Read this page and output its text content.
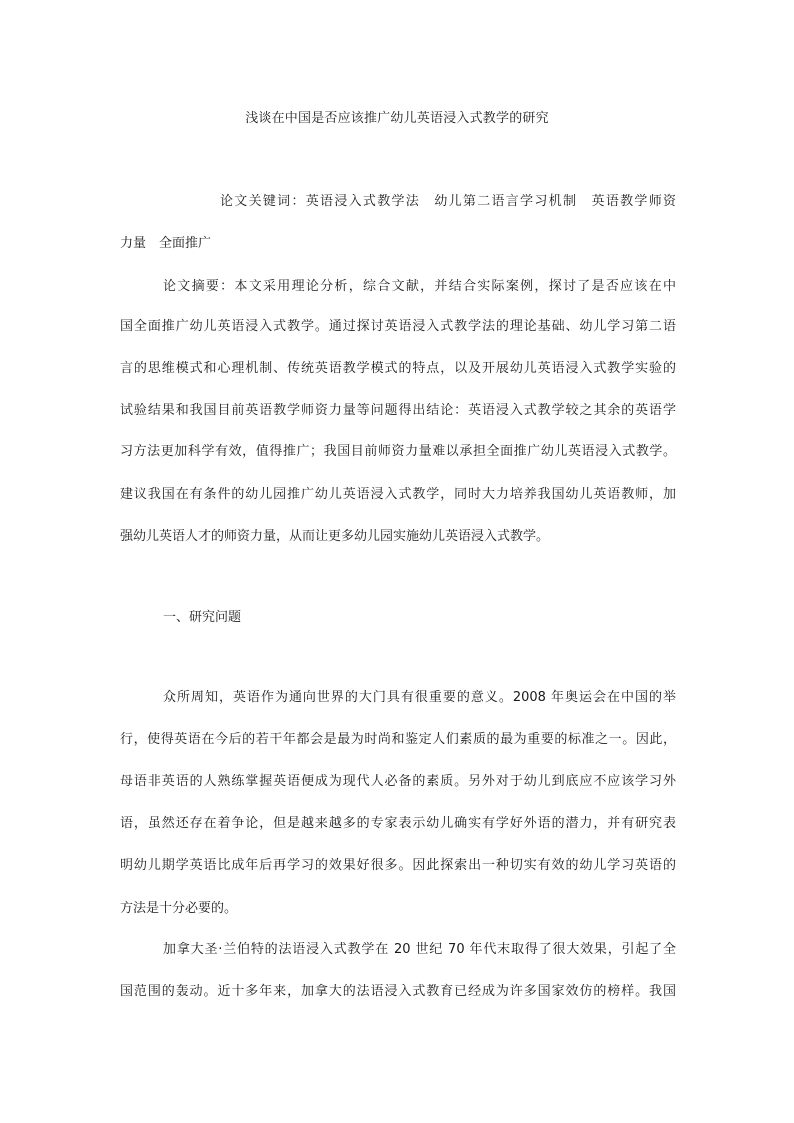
浅谈在中国是否应该推广幼儿英语浸入式教学的研究
论文关键词：英语浸入式教学法　幼儿第二语言学习机制　英语教学师资
力量　全面推广
论文摘要：本文采用理论分析，综合文献，并结合实际案例，探讨了是否应该在中
国全面推广幼儿英语浸入式教学。通过探讨英语浸入式教学法的理论基础、幼儿学习第二语
言的思维模式和心理机制、传统英语教学模式的特点，以及开展幼儿英语浸入式教学实验的
试验结果和我国目前英语教学师资力量等问题得出结论：英语浸入式教学较之其余的英语学
习方法更加科学有效，值得推广；我国目前师资力量难以承担全面推广幼儿英语浸入式教学。
建议我国在有条件的幼儿园推广幼儿英语浸入式教学，同时大力培养我国幼儿英语教师，加
强幼儿英语人才的师资力量，从而让更多幼儿园实施幼儿英语浸入式教学。
一、研究问题
众所周知，英语作为通向世界的大门具有很重要的意义。2008 年奥运会在中国的举
行，使得英语在今后的若干年都会是最为时尚和鉴定人们素质的最为重要的标准之一。因此，
母语非英语的人熟练掌握英语便成为现代人必备的素质。另外对于幼儿到底应不应该学习外
语，虽然还存在着争论，但是越来越多的专家表示幼儿确实有学好外语的潜力，并有研究表
明幼儿期学英语比成年后再学习的效果好很多。因此探索出一种切实有效的幼儿学习英语的
方法是十分必要的。
加拿大圣·兰伯特的法语浸入式教学在 20 世纪 70 年代末取得了很大效果，引起了全
国范围的轰动。近十多年来，加拿大的法语浸入式教育已经成为许多国家效仿的榜样。我国
